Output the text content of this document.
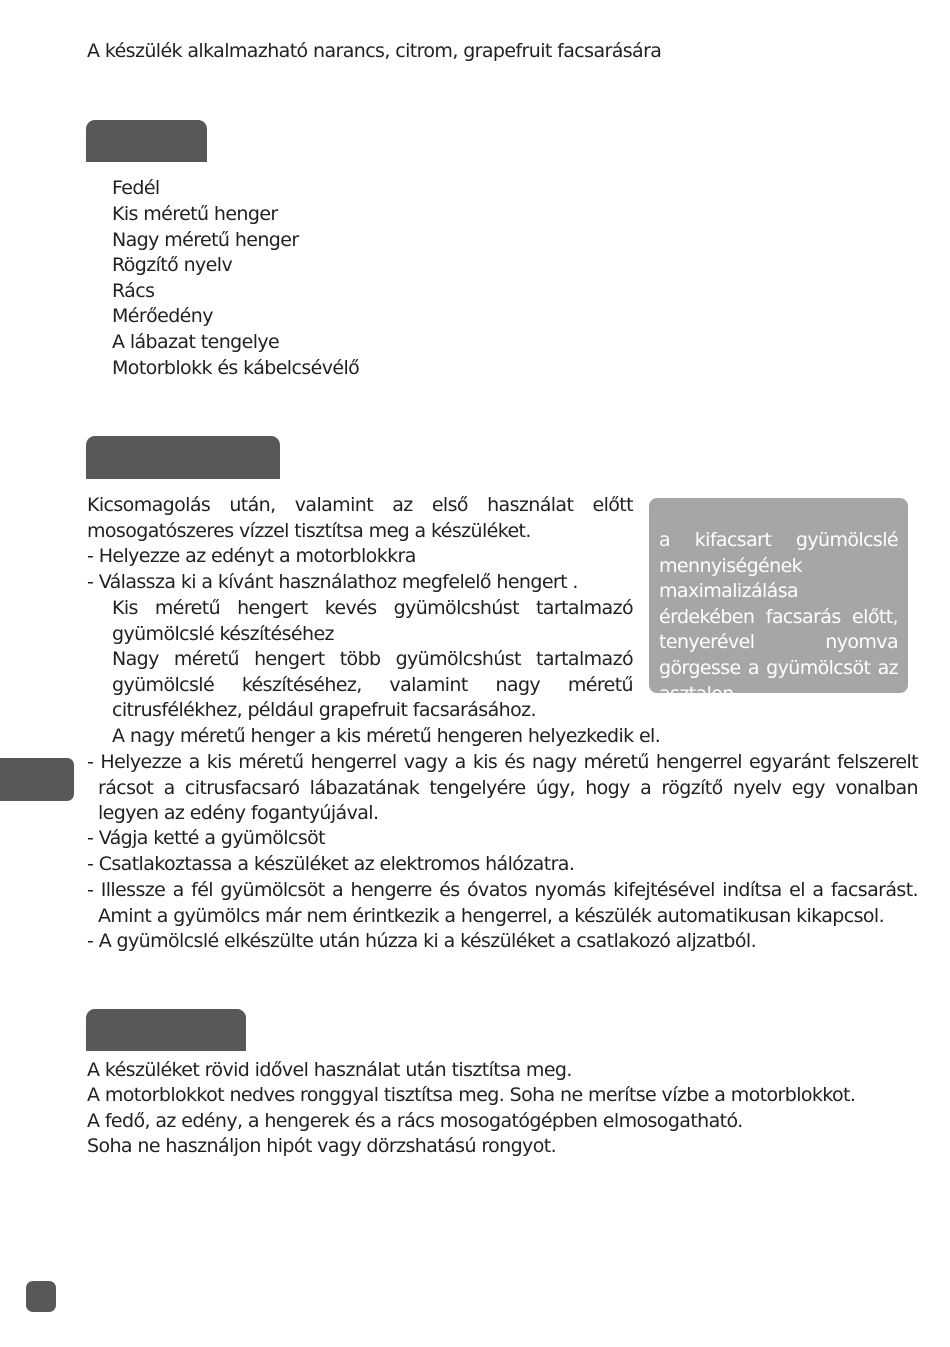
A készülék alkalmazható narancs, citrom, grapefruit facsarására
Fedél
Kis méretű henger
Nagy méretű henger
Rögzítő nyelv
Rács
Mérőedény
A lábazat tengelye
Motorblokk és kábelcsévélő
Kicsomagolás után, valamint az első használat előtt mosogatószeres vízzel tisztítsa meg a készüléket.
- Helyezze az edényt a motorblokkra
- Válassza ki a kívánt használathoz megfelelő hengert .
Kis méretű hengert kevés gyümölcshúst tartalmazó gyümölcslé készítéséhez
Nagy méretű hengert több gyümölcshúst tartalmazó gyümölcslé készítéséhez, valamint nagy méretű citrusfélékhez, például grapefruit facsarásához.
A nagy méretű henger a kis méretű hengeren helyezkedik el.
- Helyezze a kis méretű hengerrel vagy a kis és nagy méretű hengerrel egyaránt felszerelt rácsot a citrusfacsaró lábazatának tengelyére úgy, hogy a rögzítő nyelv egy vonalban legyen az edény fogantyújával.
- Vágja ketté a gyümölcsöt
- Csatlakoztassa a készüléket az elektromos hálózatra.
- Illessze a fél gyümölcsöt a hengerre és óvatos nyomás kifejtésével indítsa el a facsarást. Amint a gyümölcs már nem érintkezik a hengerrel, a készülék automatikusan kikapcsol.
- A gyümölcslé elkészülte után húzza ki a készüléket a csatlakozó aljzatból.

a kifacsart gyümölcslé mennyiségének maximalizálása érdekében facsarás előtt, tenyerével nyomva görgesse a gyümölcsöt az asztalon.

A készüléket rövid idővel használat után tisztítsa meg.
A motorblokkot nedves ronggyal tisztítsa meg. Soha ne merítse vízbe a motorblokkot.
A fedő, az edény, a hengerek és a rács mosogatógépben elmosogatható.
Soha ne használjon hipót vagy dörzshatású rongyot.
